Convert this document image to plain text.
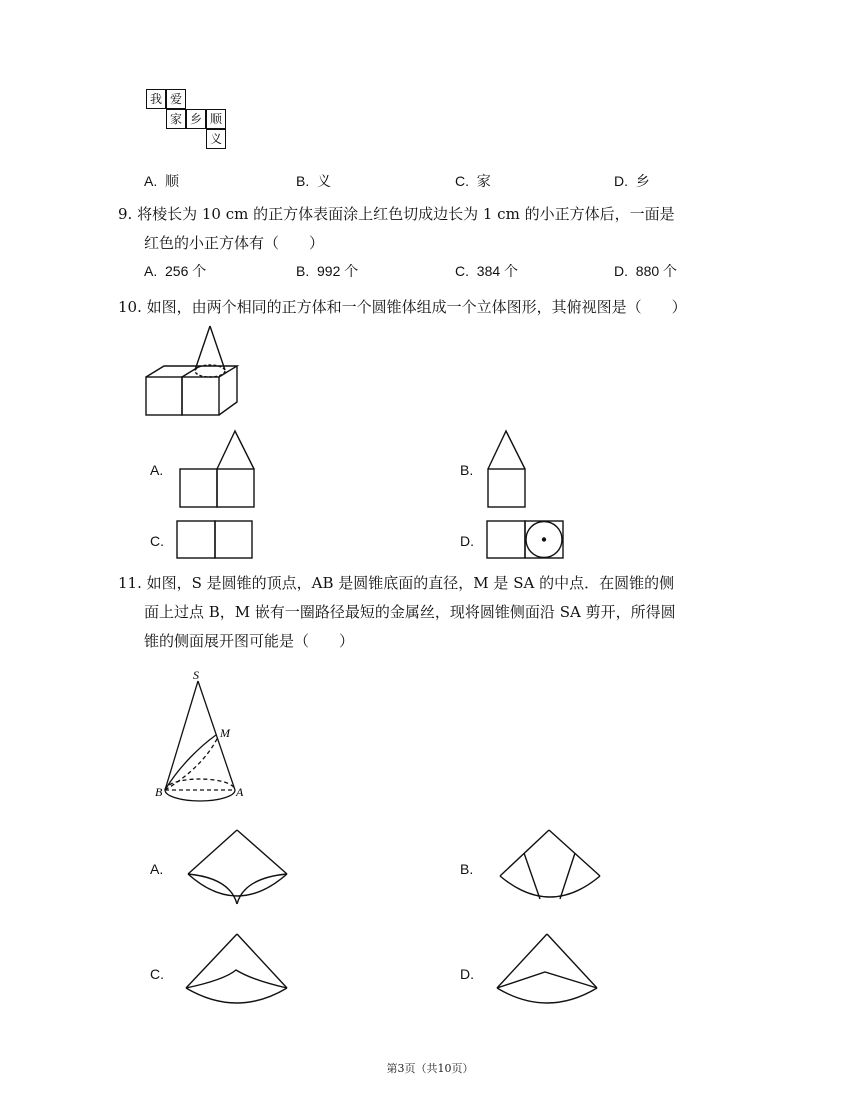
我 爱
家 乡 顺
义
A. 顺	B. 义	C. 家	D. 乡
9. 将棱长为 10 cm 的正方体表面涂上红色切成边长为 1 cm 的小正方体后，一面是
红色的小正方体有（　　）
A. 256 个	B. 992 个	C. 384 个	D. 880 个
10. 如图，由两个相同的正方体和一个圆锥体组成一个立体图形，其俯视图是（　　）
A.	B.
C.	D.
11. 如图，S 是圆锥的顶点，AB 是圆锥底面的直径，M 是 SA 的中点．在圆锥的侧
面上过点 B，M 嵌有一圈路径最短的金属丝，现将圆锥侧面沿 SA 剪开，所得圆
锥的侧面展开图可能是（　　）
S
M
B	A
A.	B.
C.	D.
第3页（共10页）
